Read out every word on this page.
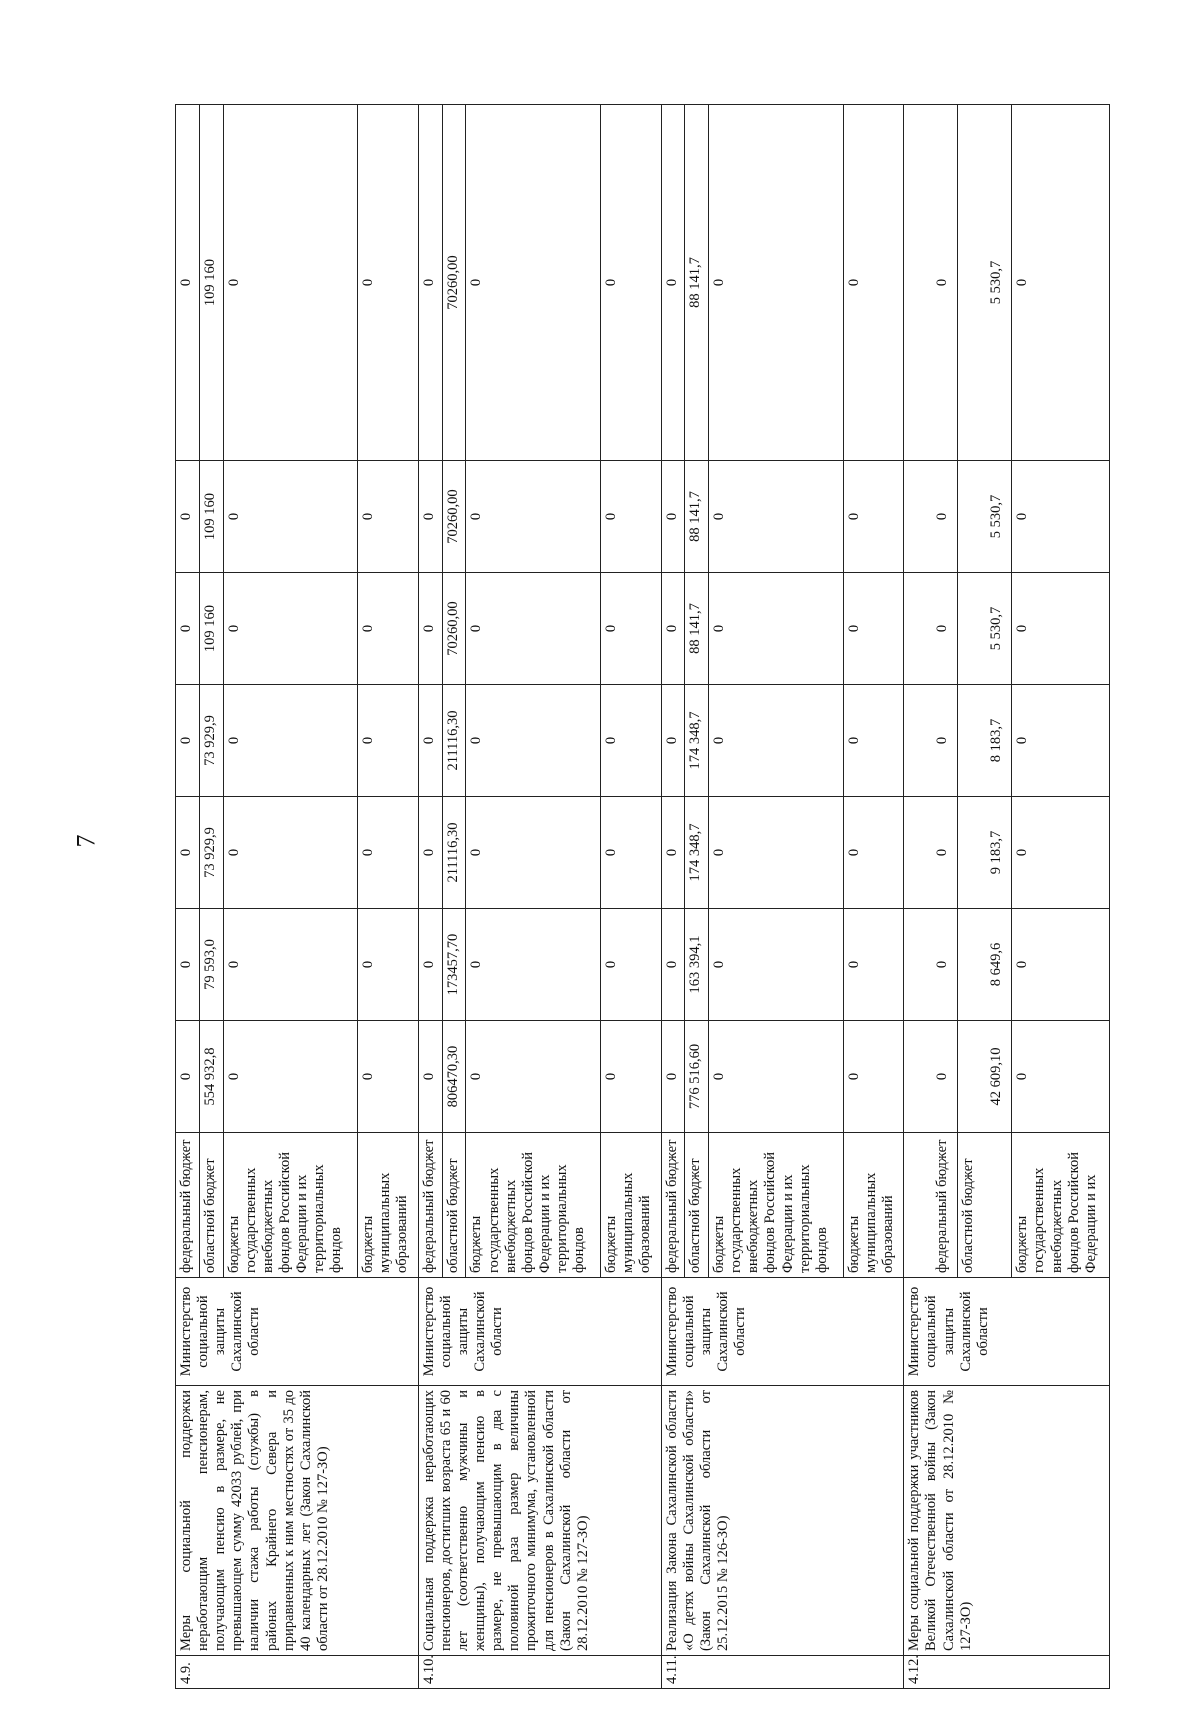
7
4.9.	Меры социальной поддержки неработающим пенсионерам, получающим пенсию в размере, не превышающем сумму 42033 рублей, при наличии стажа работы (службы) в районах Крайнего Севера и приравненных к ним местностях от 35 до 40 календарных лет (Закон Сахалинской области от 28.12.2010 № 127-ЗО)	Министерство социальной защиты Сахалинской области	федеральный бюджет	0	0	0	0	0	0	0
			областной бюджет	554 932,8	79 593,0	73 929,9	73 929,9	109 160	109 160	109 160
			бюджеты государственных внебюджетных фондов Российской Федерации и их территориальных фондов	0	0	0	0	0	0	0
			бюджеты муниципальных образований	0	0	0	0	0	0	0
4.10.	Социальная поддержка неработающих пенсионеров, достигших возраста 65 и 60 лет (соответственно мужчины и женщины), получающим пенсию в размере, не превышающим в два с половиной раза размер величины прожиточного минимума, установленной для пенсионеров в Сахалинской области (Закон Сахалинской области от 28.12.2010 № 127-ЗО)	Министерство социальной защиты Сахалинской области	федеральный бюджет	0	0	0	0	0	0	0
			областной бюджет	806470,30	173457,70	211116,30	211116,30	70260,00	70260,00	70260,00
			бюджеты государственных внебюджетных фондов Российской Федерации и их территориальных фондов	0	0	0	0	0	0	0
			бюджеты муниципальных образований	0	0	0	0	0	0	0
4.11.	Реализация Закона Сахалинской области «О детях войны Сахалинской области» (Закон Сахалинской области от 25.12.2015 № 126-ЗО)	Министерство социальной защиты Сахалинской области	федеральный бюджет	0	0	0	0	0	0	0
			областной бюджет	776 516,60	163 394,1	174 348,7	174 348,7	88 141,7	88 141,7	88 141,7
			бюджеты государственных внебюджетных фондов Российской Федерации и их территориальных фондов	0	0	0	0	0	0	0
			бюджеты муниципальных образований	0	0	0	0	0	0	0
4.12.	Меры социальной поддержки участников Великой Отечественной войны (Закон Сахалинской области от 28.12.2010 № 127-ЗО)	Министерство социальной защиты Сахалинской области	федеральный бюджет	0	0	0	0	0	0	0
			областной бюджет	42 609,10	8 649,6	9 183,7	8 183,7	5 530,7	5 530,7	5 530,7
			бюджеты государственных внебюджетных фондов Российской Федерации и их	0	0	0	0	0	0	0
